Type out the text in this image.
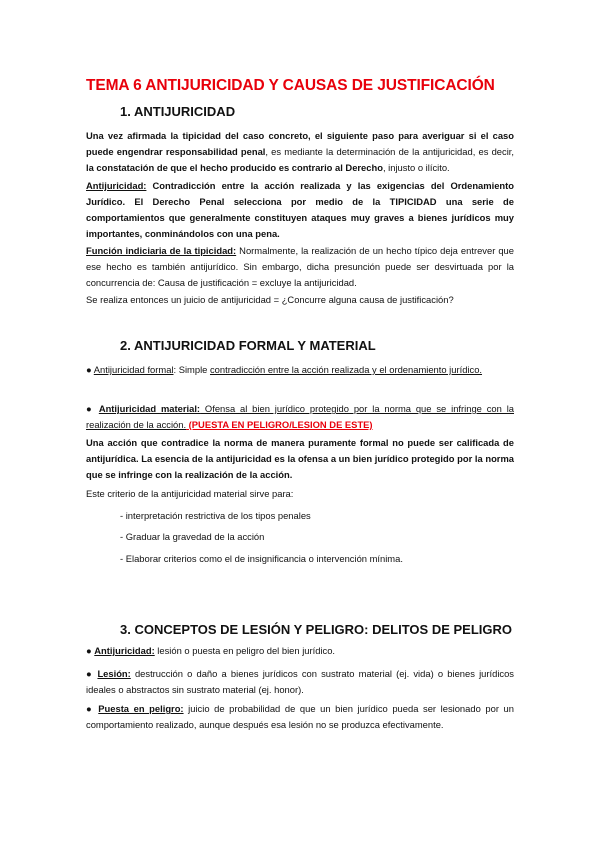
TEMA 6 ANTIJURICIDAD Y CAUSAS DE JUSTIFICACIÓN
1. ANTIJURICIDAD
Una vez afirmada la tipicidad del caso concreto, el siguiente paso para averiguar si el caso puede engendrar responsabilidad penal, es mediante la determinación de la antijuricidad, es decir, la constatación de que el hecho producido es contrario al Derecho, injusto o ilícito.
Antijuricidad: Contradicción entre la acción realizada y las exigencias del Ordenamiento Jurídico. El Derecho Penal selecciona por medio de la TIPICIDAD una serie de comportamientos que generalmente constituyen ataques muy graves a bienes jurídicos muy importantes, conminándolos con una pena.
Función indiciaria de la tipicidad: Normalmente, la realización de un hecho típico deja entrever que ese hecho es también antijurídico. Sin embargo, dicha presunción puede ser desvirtuada por la concurrencia de: Causa de justificación = excluye la antijuricidad.
Se realiza entonces un juicio de antijuricidad = ¿Concurre alguna causa de justificación?
2. ANTIJURICIDAD FORMAL Y MATERIAL
● Antijuricidad formal: Simple contradicción entre la acción realizada y el ordenamiento jurídico.
● Antijuricidad material: Ofensa al bien jurídico protegido por la norma que se infringe con la realización de la acción. (PUESTA EN PELIGRO/LESION DE ESTE)
Una acción que contradice la norma de manera puramente formal no puede ser calificada de antijurídica. La esencia de la antijuricidad es la ofensa a un bien jurídico protegido por la norma que se infringe con la realización de la acción.
Este criterio de la antijuricidad material sirve para:
- interpretación restrictiva de los tipos penales
- Graduar la gravedad de la acción
- Elaborar criterios como el de insignificancia o intervención mínima.
3. CONCEPTOS DE LESIÓN Y PELIGRO: DELITOS DE PELIGRO
● Antijuricidad: lesión o puesta en peligro del bien jurídico.
● Lesión: destrucción o daño a bienes jurídicos con sustrato material (ej. vida) o bienes jurídicos ideales o abstractos sin sustrato material (ej. honor).
● Puesta en peligro: juicio de probabilidad de que un bien jurídico pueda ser lesionado por un comportamiento realizado, aunque después esa lesión no se produzca efectivamente.
